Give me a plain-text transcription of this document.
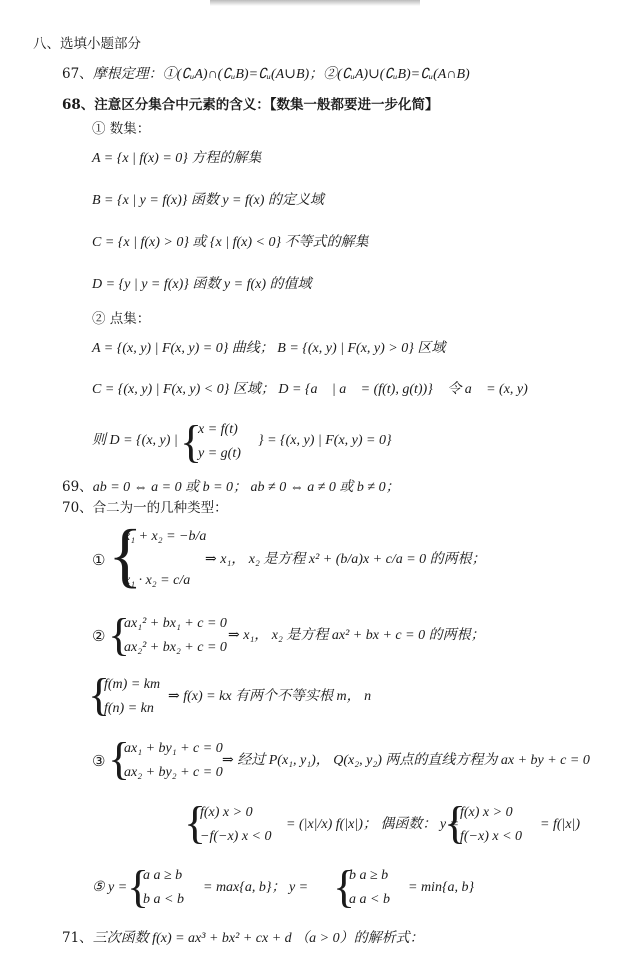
八、选填小题部分
67、摩根定理：①(∁ᵤA)∩(∁ᵤB)=∁ᵤ(A∪B)；②(∁ᵤA)∪(∁ᵤB)=∁ᵤ(A∩B)
68、注意区分集合中元素的含义：【数集一般都要进一步化简】
① 数集：
A = {x | f(x) = 0} 方程的解集
B = {x | y = f(x)} 函数 y = f(x) 的定义域
C = {x | f(x) > 0} 或 {x | f(x) < 0} 不等式的解集
D = {y | y = f(x)} 函数 y = f(x) 的值域
② 点集：
A = {(x, y) | F(x, y) = 0} 曲线； B = {(x, y) | F(x, y) > 0} 区域
C = {(x, y) | F(x, y) < 0} 区域； D = {a⃗ | a⃗ = (f(t), g(t))}， 令 a⃗ = (x, y)，
则 D = {(x, y) | {
x = f(t)
y = g(t)
} = {(x, y) | F(x, y) = 0}
69、ab = 0 ⇔ a = 0 或 b = 0； ab ≠ 0 ⇔ a ≠ 0 或 b ≠ 0；
70、合二为一的几种类型：
① {
x₁ + x₂ = −b/a
x₁ · x₂ = c/a
⇒ x₁， x₂ 是方程 x² + (b/a)x + c/a = 0 的两根；
② {
ax₁² + bx₁ + c = 0
ax₂² + bx₂ + c = 0
⇒ x₁， x₂ 是方程 ax² + bx + c = 0 的两根；
{
f(m) = km
f(n) = kn
⇒ f(x) = kx 有两个不等实根 m， n
③ {
ax₁ + by₁ + c = 0
ax₂ + by₂ + c = 0
⇒ 经过 P(x₁, y₁)， Q(x₂, y₂) 两点的直线方程为 ax + by + c = 0
{
f(x) x > 0
−f(−x) x < 0
= (|x|/x) f(|x|)； 偶函数： y =
{
f(x) x > 0
f(−x) x < 0
= f(|x|)
⑤ y = {
a a ≥ b
b a < b
= max{a, b}； y = {
b a ≥ b
a a < b
= min{a, b}
71、三次函数 f(x) = ax³ + bx² + cx + d （a > 0）的解析式：
